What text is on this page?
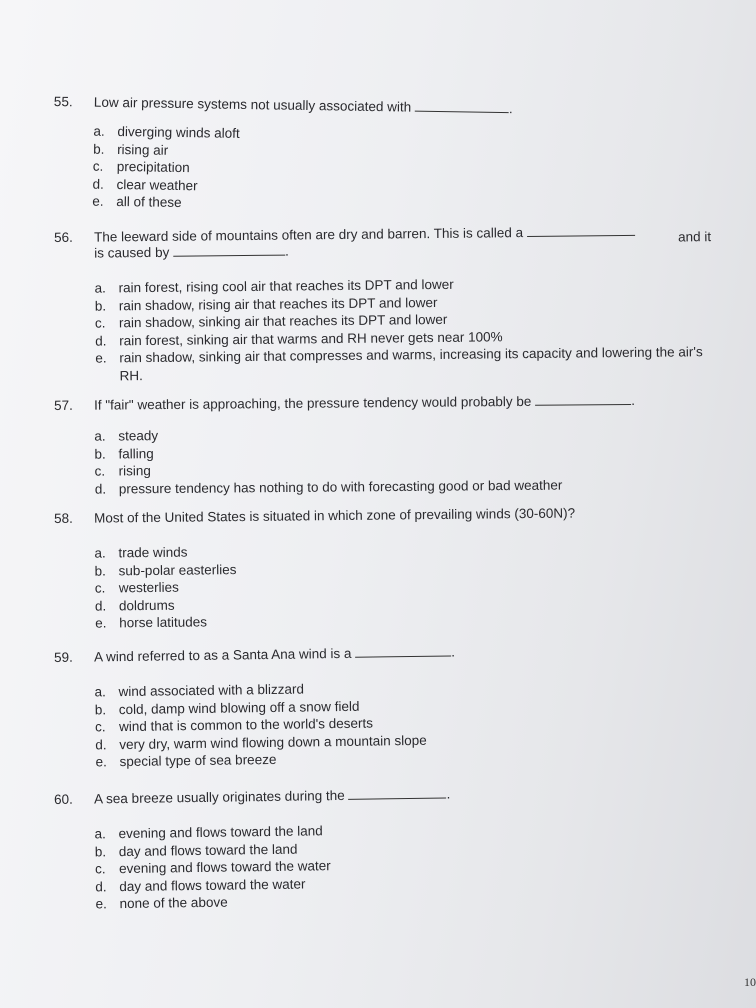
55. Low air pressure systems not usually associated with	.
a. diverging winds aloft
b. rising air
c. precipitation
d. clear weather
e. all of these
56. The leeward side of mountains often are dry and barren. This is called a
is caused by	.
and it
a. rain forest, rising cool air that reaches its DPT and lower
b. rain shadow, rising air that reaches its DPT and lower
c. rain shadow, sinking air that reaches its DPT and lower
d. rain forest, sinking air that warms and RH never gets near 100%
e. rain shadow, sinking air that compresses and warms, increasing its capacity and lowering the air's RH.
57. If "fair" weather is approaching, the pressure tendency would probably be	.
a. steady
b. falling
c. rising
d. pressure tendency has nothing to do with forecasting good or bad weather
58. Most of the United States is situated in which zone of prevailing winds (30-60N)?
a. trade winds
b. sub-polar easterlies
c. westerlies
d. doldrums
e. horse latitudes
59. A wind referred to as a Santa Ana wind is a	.
a. wind associated with a blizzard
b. cold, damp wind blowing off a snow field
c. wind that is common to the world's deserts
d. very dry, warm wind flowing down a mountain slope
e. special type of sea breeze
60. A sea breeze usually originates during the	.
a. evening and flows toward the land
b. day and flows toward the land
c. evening and flows toward the water
d. day and flows toward the water
e. none of the above
10
